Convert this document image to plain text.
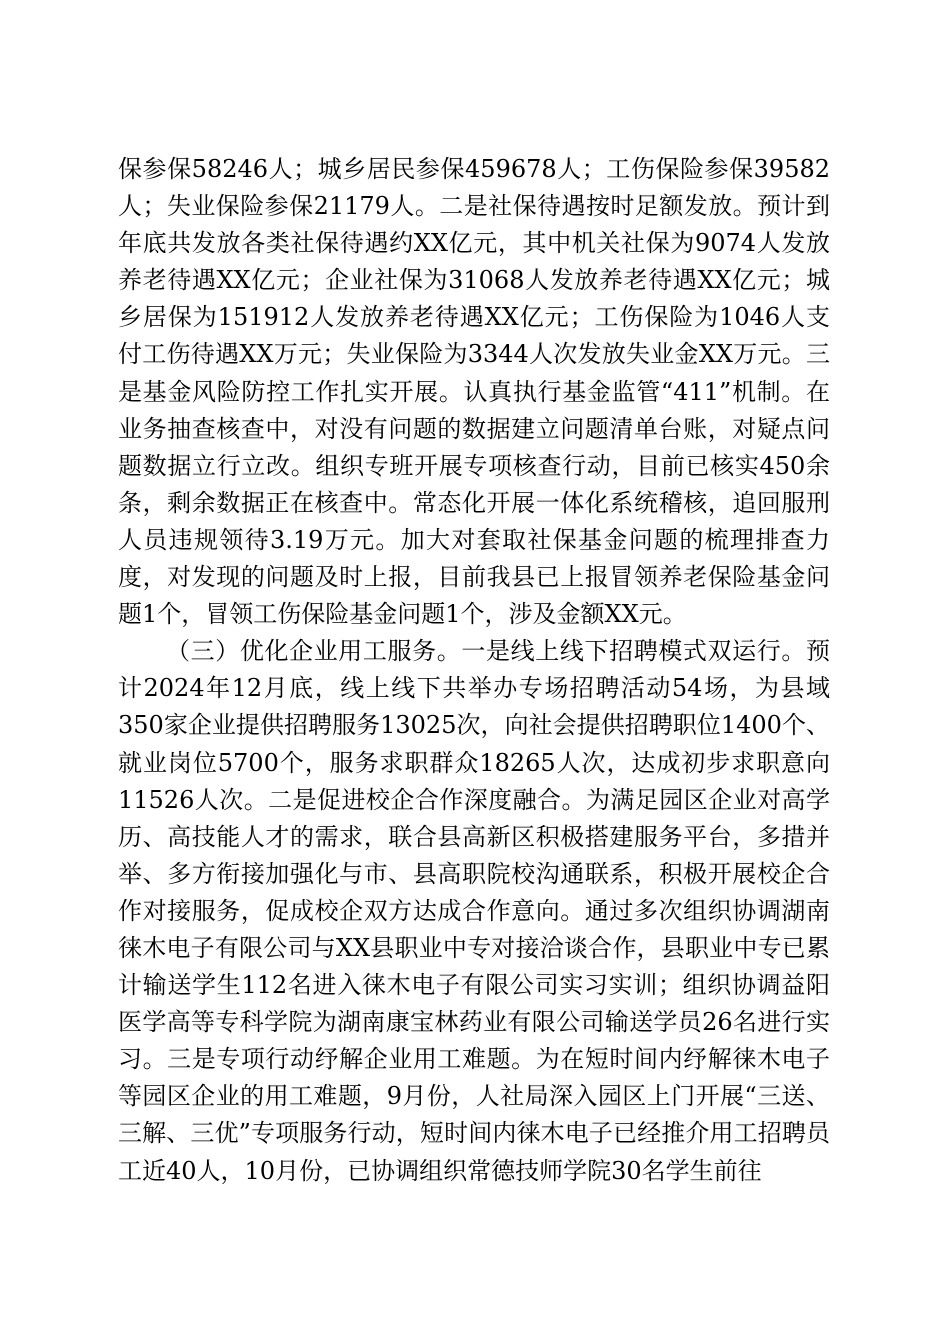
保参保58246人；城乡居民参保459678人；工伤保险参保39582人；失业保险参保21179人。二是社保待遇按时足额发放。预计到年底共发放各类社保待遇约XX亿元，其中机关社保为9074人发放养老待遇XX亿元；企业社保为31068人发放养老待遇XX亿元；城乡居保为151912人发放养老待遇XX亿元；工伤保险为1046人支付工伤待遇XX万元；失业保险为3344人次发放失业金XX万元。三是基金风险防控工作扎实开展。认真执行基金监管“411”机制。在业务抽查核查中，对没有问题的数据建立问题清单台账，对疑点问题数据立行立改。组织专班开展专项核查行动，目前已核实450余条，剩余数据正在核查中。常态化开展一体化系统稽核，追回服刑人员违规领待3.19万元。加大对套取社保基金问题的梳理排查力度，对发现的问题及时上报，目前我县已上报冒领养老保险基金问题1个，冒领工伤保险基金问题1个，涉及金额XX元。

（三）优化企业用工服务。一是线上线下招聘模式双运行。预计2024年12月底，线上线下共举办专场招聘活动54场，为县域350家企业提供招聘服务13025次，向社会提供招聘职位1400个、就业岗位5700个，服务求职群众18265人次，达成初步求职意向11526人次。二是促进校企合作深度融合。为满足园区企业对高学历、高技能人才的需求，联合县高新区积极搭建服务平台，多措并举、多方衔接加强化与市、县高职院校沟通联系，积极开展校企合作对接服务，促成校企双方达成合作意向。通过多次组织协调湖南徕木电子有限公司与XX县职业中专对接洽谈合作，县职业中专已累计输送学生112名进入徕木电子有限公司实习实训；组织协调益阳医学高等专科学院为湖南康宝林药业有限公司输送学员26名进行实习。三是专项行动纾解企业用工难题。为在短时间内纾解徕木电子等园区企业的用工难题，9月份，人社局深入园区上门开展“三送、三解、三优”专项服务行动，短时间内徕木电子已经推介用工招聘员工近40人，10月份，已协调组织常德技师学院30名学生前往
